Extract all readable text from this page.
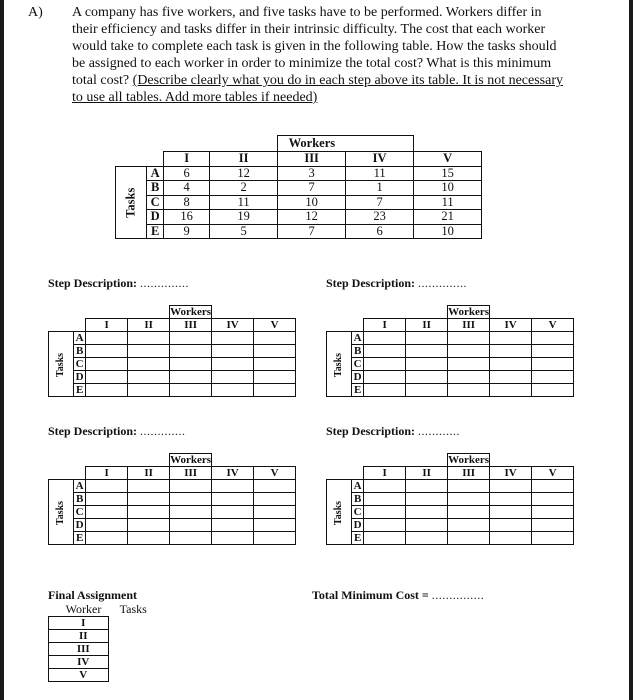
A) A company has five workers, and five tasks have to be performed. Workers differ in
their efficiency and tasks differ in their intrinsic difficulty. The cost that each worker
would take to complete each task is given in the following table. How the tasks should
be assigned to each worker in order to minimize the total cost? What is this minimum
total cost? (Describe clearly what you do in each step above its table. It is not necessary
to use all tables. Add more tables if needed)
				Workers		
		I	II	III	IV	V
Tasks	A	6	12	3	11	15
	B	4	2	7	1	10
	C	8	11	10	7	11
	D	16	19	12	23	21
	E	9	5	7	6	10
Step Description: ..............	Step Description: ..............
Step Description: .............	Step Description: ............
				Workers		
		I	II	III	IV	V
Tasks	A					
	B					
	C					
	D					
	E					
				Workers		
		I	II	III	IV	V
Tasks	A					
	B					
	C					
	D					
	E					
				Workers		
		I	II	III	IV	V
Tasks	A					
	B					
	C					
	D					
	E					
				Workers		
		I	II	III	IV	V
Tasks	A					
	B					
	C					
	D					
	E					
Final Assignment
	Worker	Tasks
	I	
	II	
	III	
	IV	
	V	
Total Minimum Cost = ...............
